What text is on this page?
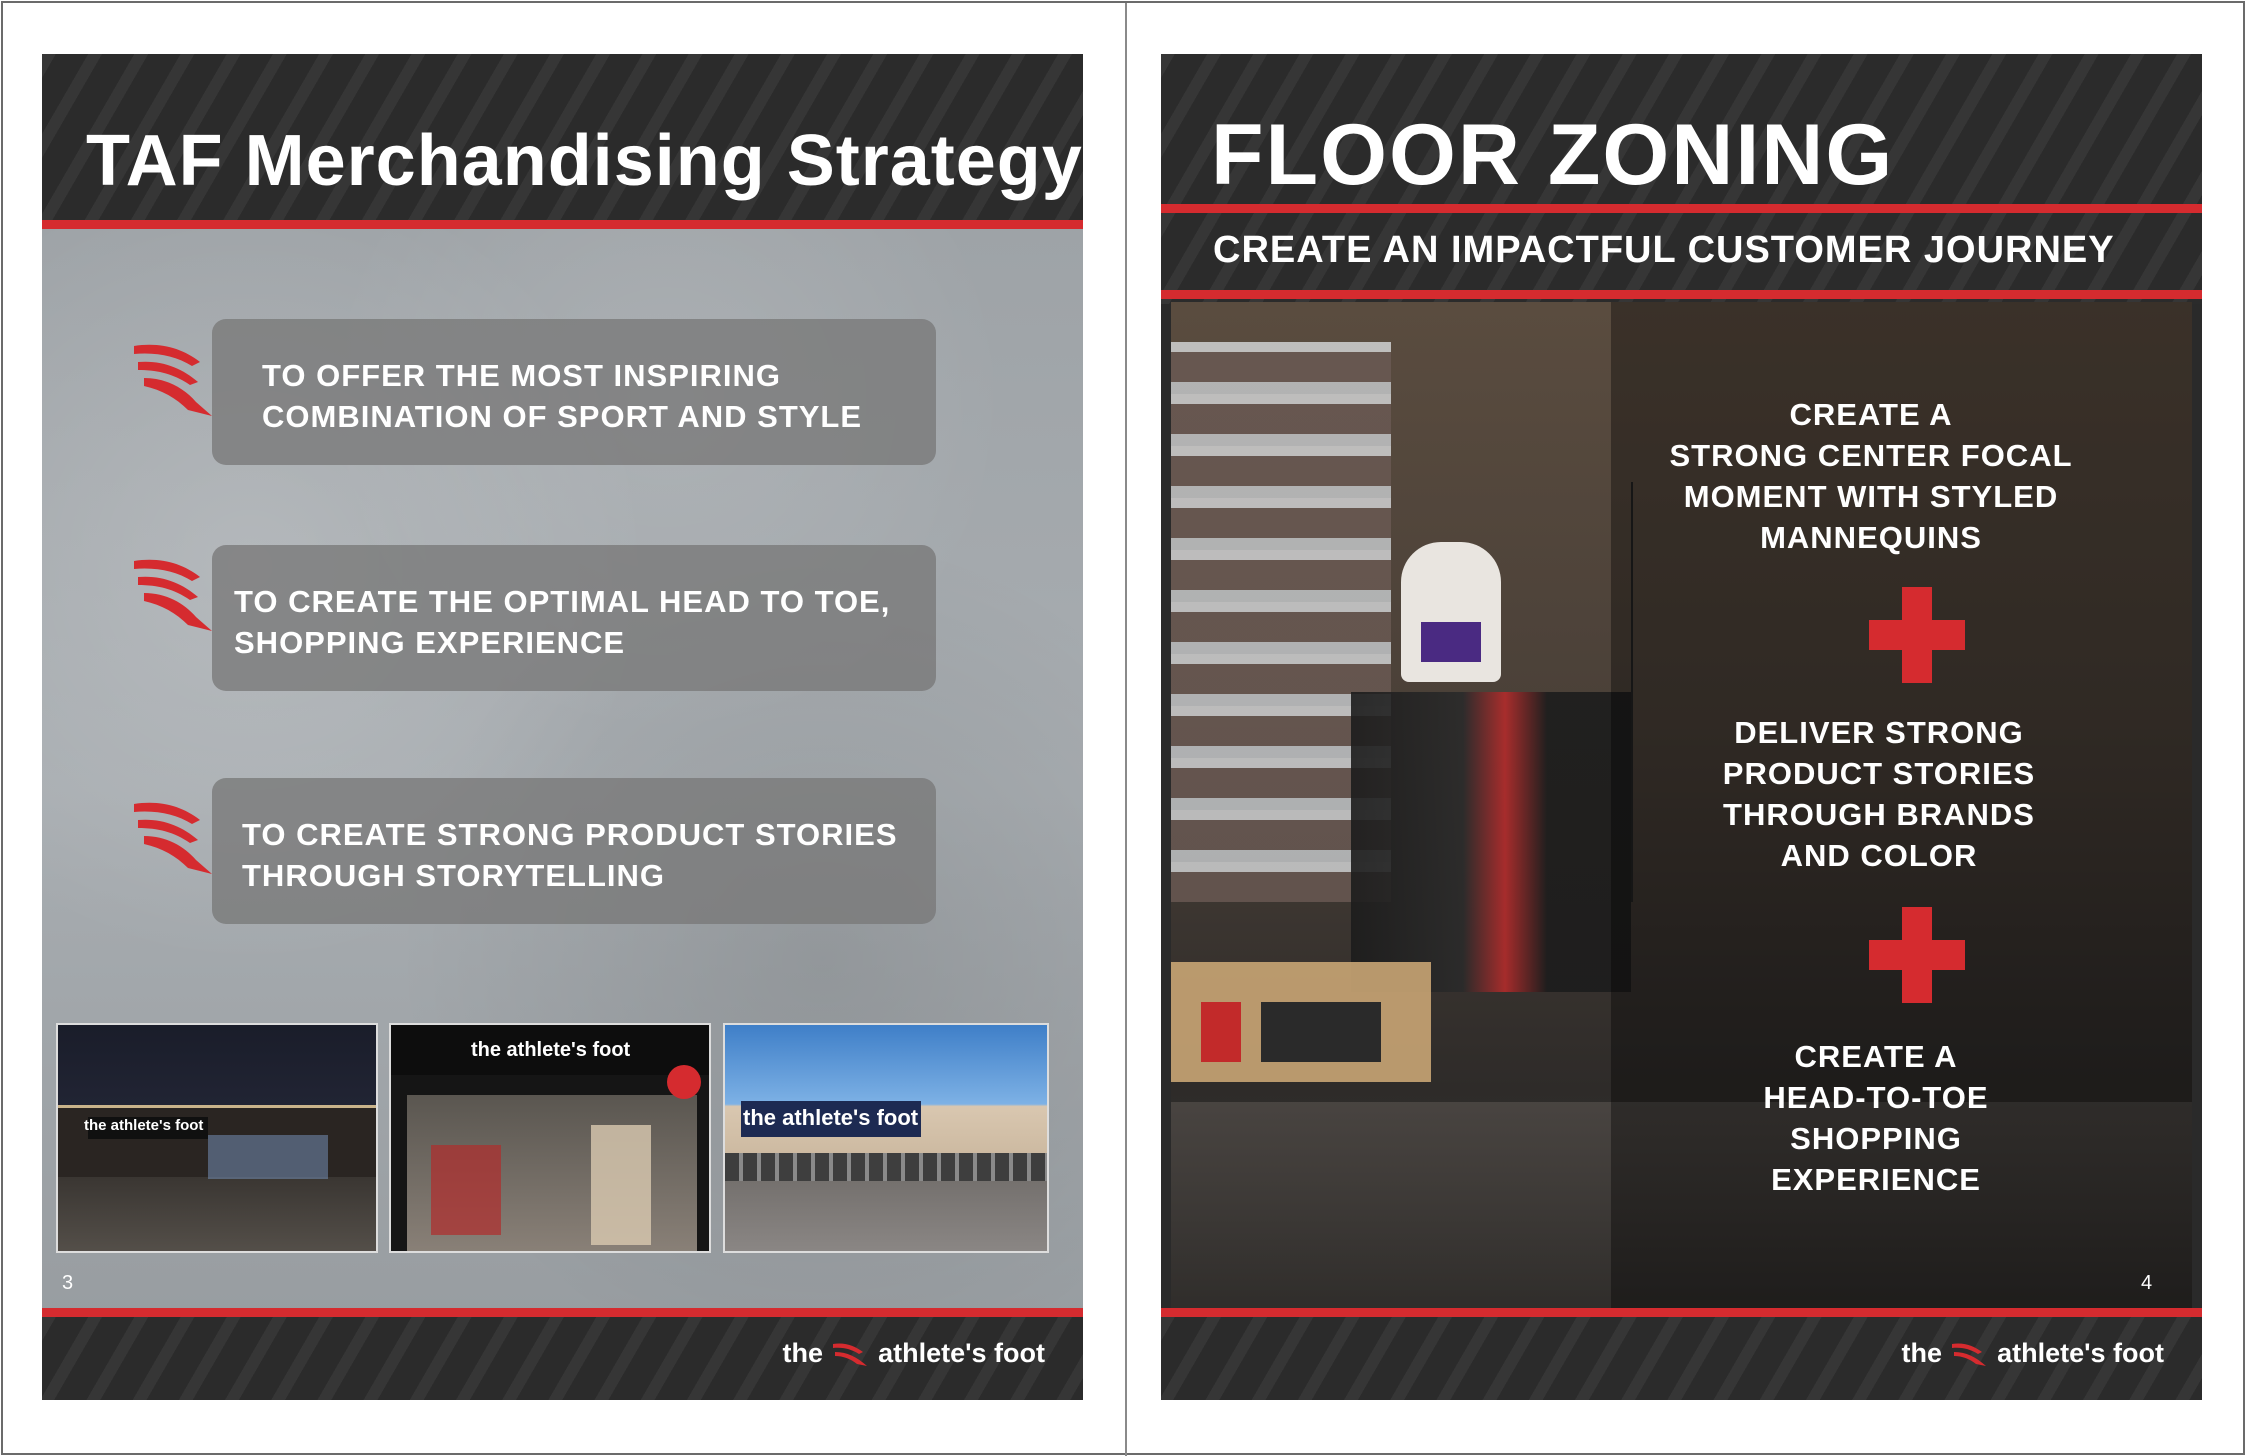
TAF Merchandising Strategy
TO OFFER THE MOST INSPIRING
COMBINATION OF SPORT AND STYLE
TO CREATE THE OPTIMAL HEAD TO TOE,
SHOPPING EXPERIENCE
TO CREATE STRONG PRODUCT STORIES
THROUGH STORYTELLING
the athlete's foot
the athlete's foot
the athlete's foot
3
the athlete's foot
FLOOR ZONING
CREATE AN IMPACTFUL CUSTOMER JOURNEY
CREATE A
STRONG CENTER FOCAL
MOMENT WITH STYLED
MANNEQUINS
DELIVER STRONG
PRODUCT STORIES
THROUGH BRANDS
AND COLOR
CREATE A
HEAD-TO-TOE
SHOPPING
EXPERIENCE
4
the athlete's foot
